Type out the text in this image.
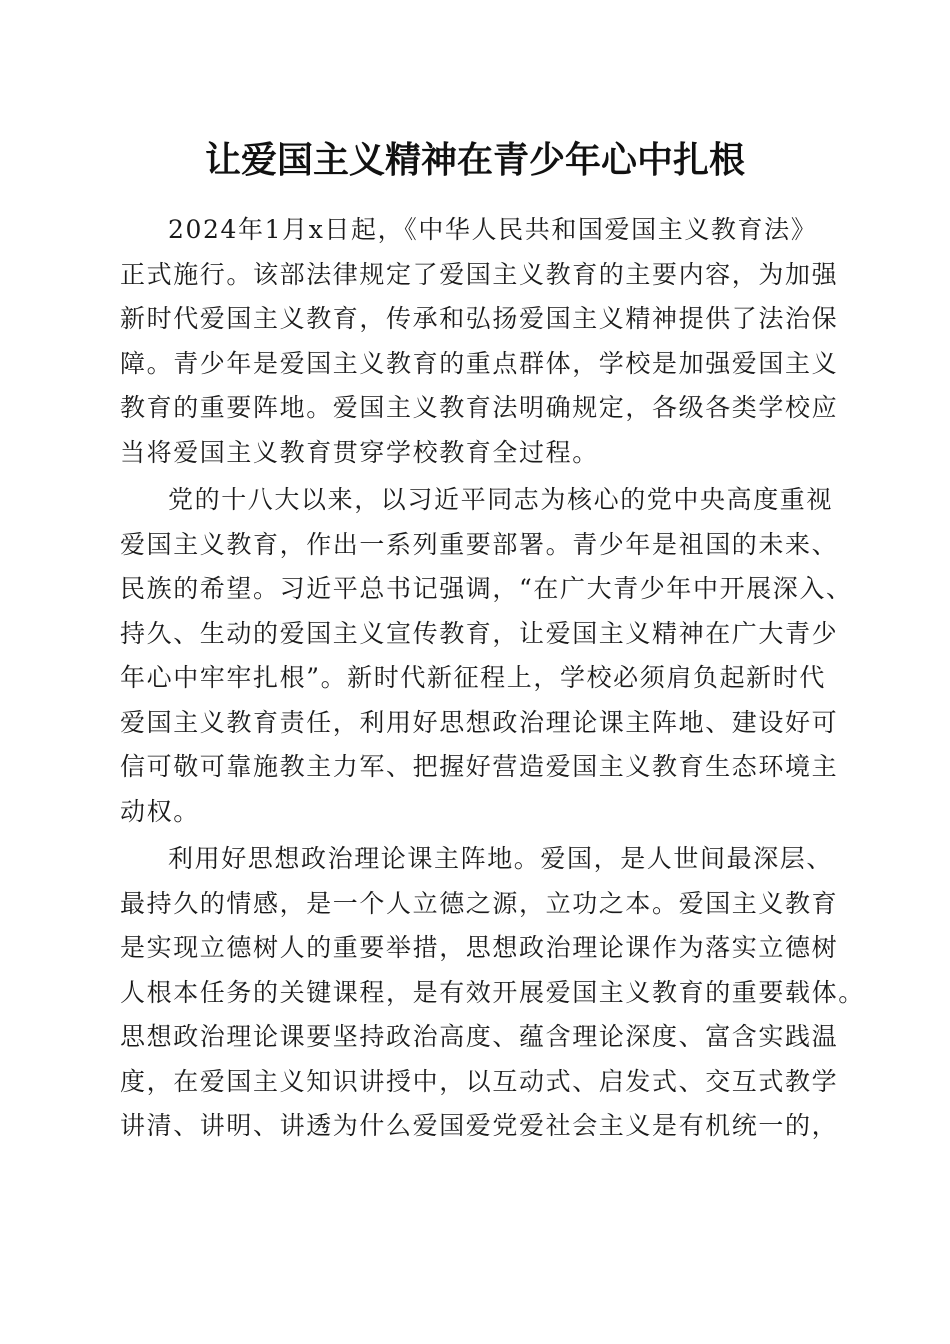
让爱国主义精神在青少年心中扎根

2024年1月x日起，《中华人民共和国爱国主义教育法》
正式施行。该部法律规定了爱国主义教育的主要内容，为加强
新时代爱国主义教育，传承和弘扬爱国主义精神提供了法治保
障。青少年是爱国主义教育的重点群体，学校是加强爱国主义
教育的重要阵地。爱国主义教育法明确规定，各级各类学校应
当将爱国主义教育贯穿学校教育全过程。

党的十八大以来，以习近平同志为核心的党中央高度重视
爱国主义教育，作出一系列重要部署。青少年是祖国的未来、
民族的希望。习近平总书记强调，“在广大青少年中开展深入、
持久、生动的爱国主义宣传教育，让爱国主义精神在广大青少
年心中牢牢扎根”。新时代新征程上，学校必须肩负起新时代
爱国主义教育责任，利用好思想政治理论课主阵地、建设好可
信可敬可靠施教主力军、把握好营造爱国主义教育生态环境主
动权。

利用好思想政治理论课主阵地。爱国，是人世间最深层、
最持久的情感，是一个人立德之源，立功之本。爱国主义教育
是实现立德树人的重要举措，思想政治理论课作为落实立德树
人根本任务的关键课程，是有效开展爱国主义教育的重要载体。
思想政治理论课要坚持政治高度、蕴含理论深度、富含实践温
度，在爱国主义知识讲授中，以互动式、启发式、交互式教学
讲清、讲明、讲透为什么爱国爱党爱社会主义是有机统一的，
